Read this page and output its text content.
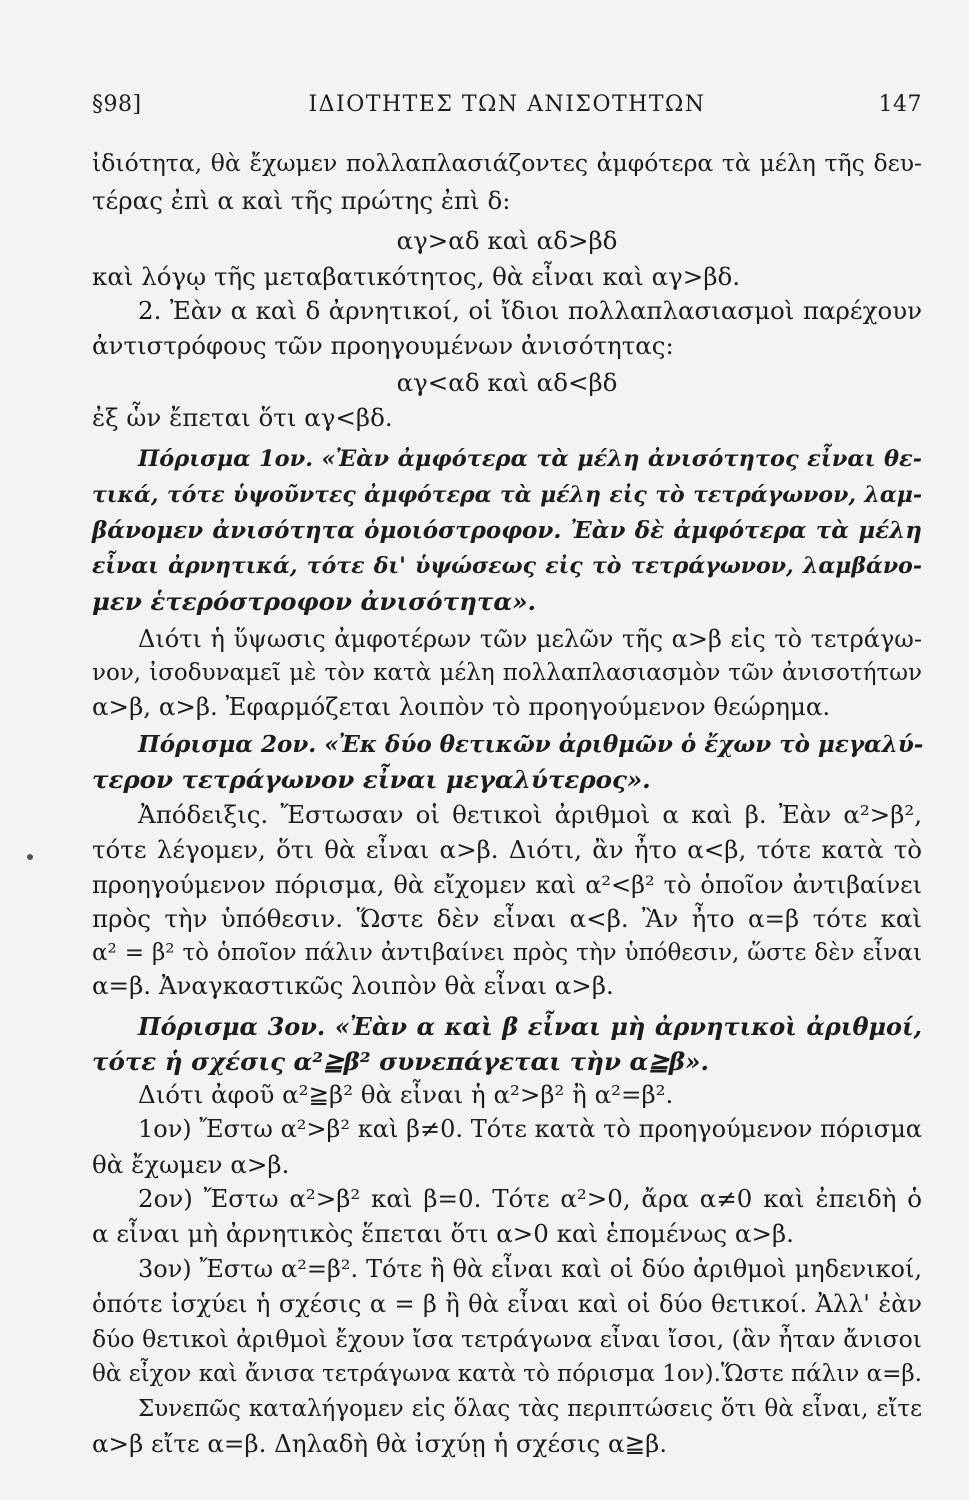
§98]	ΙΔΙΟΤΗΤΕΣ ΤΩΝ ΑΝΙΣΟΤΗΤΩΝ	147
ἰδιότητα, θὰ ἔχωμεν πολλαπλασιάζοντες ἀμφότερα τὰ μέλη τῆς δευ-
τέρας ἐπὶ α καὶ τῆς πρώτης ἐπὶ δ:
αγ>αδ καὶ αδ>βδ
καὶ λόγῳ τῆς μεταβατικότητος, θὰ εἶναι καὶ αγ>βδ.
2. Ἐὰν α καὶ δ ἀρνητικοί, οἱ ἴδιοι πολλαπλασιασμοὶ παρέχουν
ἀντιστρόφους τῶν προηγουμένων ἀνισότητας:
αγ<αδ καὶ αδ<βδ
ἐξ ὧν ἔπεται ὅτι αγ<βδ.
Πόρισμα 1ον. «Ἐὰν ἀμφότερα τὰ μέλη ἀνισότητος εἶναι θε-
τικά, τότε ὑψοῦντες ἀμφότερα τὰ μέλη εἰς τὸ τετράγωνον, λαμ-
βάνομεν ἀνισότητα ὁμοιόστροφον. Ἐὰν δὲ ἀμφότερα τὰ μέλη
εἶναι ἀρνητικά, τότε δι' ὑψώσεως εἰς τὸ τετράγωνον, λαμβάνο-
μεν ἑτερόστροφον ἀνισότητα».
Διότι ἡ ὕψωσις ἀμφοτέρων τῶν μελῶν τῆς α>β εἰς τὸ τετράγω-
νον, ἰσοδυναμεῖ μὲ τὸν κατὰ μέλη πολλαπλασιασμὸν τῶν ἀνισοτήτων
α>β, α>β. Ἐφαρμόζεται λοιπὸν τὸ προηγούμενον θεώρημα.
Πόρισμα 2ον. «Ἐκ δύο θετικῶν ἀριθμῶν ὁ ἔχων τὸ μεγαλύ-
τερον τετράγωνον εἶναι μεγαλύτερος».
Ἀπόδειξις. Ἔστωσαν οἱ θετικοὶ ἀριθμοὶ α καὶ β. Ἐὰν α²>β²,
τότε λέγομεν, ὅτι θὰ εἶναι α>β. Διότι, ἂν ἦτο α<β, τότε κατὰ τὸ
προηγούμενον πόρισμα, θὰ εἴχομεν καὶ α²<β² τὸ ὁποῖον ἀντιβαίνει
πρὸς τὴν ὑπόθεσιν. Ὥστε δὲν εἶναι α<β. Ἂν ἦτο α=β τότε καὶ
α² = β² τὸ ὁποῖον πάλιν ἀντιβαίνει πρὸς τὴν ὑπόθεσιν, ὥστε δὲν εἶναι
α=β. Ἀναγκαστικῶς λοιπὸν θὰ εἶναι α>β.
Πόρισμα 3ον. «Ἐὰν α καὶ β εἶναι μὴ ἀρνητικοὶ ἀριθμοί,
τότε ἡ σχέσις α²≧β² συνεπάγεται τὴν α≧β».
Διότι ἀφοῦ α²≧β² θὰ εἶναι ἡ α²>β² ἢ α²=β².
1ον) Ἔστω α²>β² καὶ β≠0. Τότε κατὰ τὸ προηγούμενον πόρισμα
θὰ ἔχωμεν α>β.
2ον) Ἔστω α²>β² καὶ β=0. Τότε α²>0, ἄρα α≠0 καὶ ἐπειδὴ ὁ
α εἶναι μὴ ἀρνητικὸς ἕπεται ὅτι α>0 καὶ ἑπομένως α>β.
3ον) Ἔστω α²=β². Τότε ἢ θὰ εἶναι καὶ οἱ δύο ἀριθμοὶ μηδενικοί,
ὁπότε ἰσχύει ἡ σχέσις α = β ἢ θὰ εἶναι καὶ οἱ δύο θετικοί. Ἀλλ' ἐὰν
δύο θετικοὶ ἀριθμοὶ ἔχουν ἴσα τετράγωνα εἶναι ἴσοι, (ἂν ἦταν ἄνισοι
θὰ εἶχον καὶ ἄνισα τετράγωνα κατὰ τὸ πόρισμα 1ον).Ὥστε πάλιν α=β.
Συνεπῶς καταλήγομεν εἰς ὅλας τὰς περιπτώσεις ὅτι θὰ εἶναι, εἴτε
α>β εἴτε α=β. Δηλαδὴ θὰ ἰσχύῃ ἡ σχέσις α≧β.
